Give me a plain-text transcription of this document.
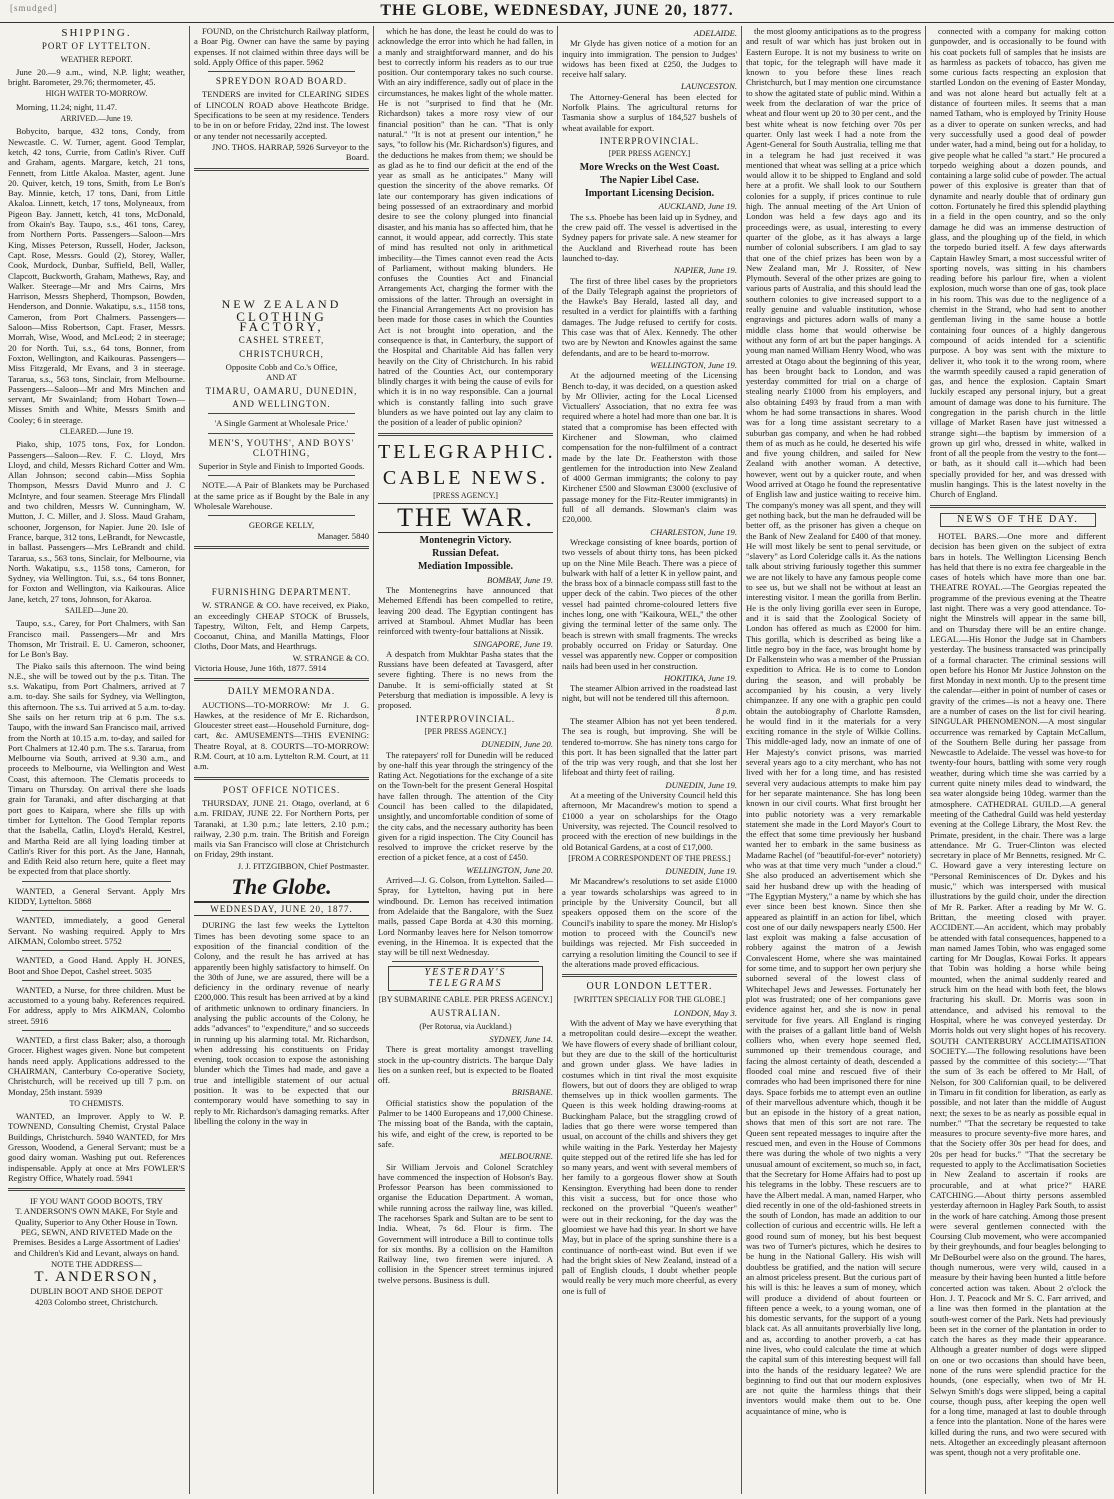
[smudged]	THE GLOBE, WEDNESDAY, JUNE 20, 1877.
SHIPPING.
PORT OF LYTTELTON.
WEATHER REPORT.

June 20.—9 a.m., wind, N.P. light; weather, bright. Barometer, 29.76; thermometer, 45.

HIGH WATER TO-MORROW.

Morning, 11.24; night, 11.47.

ARRIVED.—June 19.

Bobycito, barque, 432 tons, Condy, from Newcastle. C. W. Turner, agent. Good Templar, ketch, 42 tons, Currie, from Catlin's River. Cuff and Graham, agents. Margare, ketch, 21 tons, Fennett, from Little Akaloa. Master, agent. June 20. Quiver, ketch, 19 tons, Smith, from Le Bon's Bay. Minnie, ketch, 17 tons, Dani, from Little Akaloa. Linnett, ketch, 17 tons, Molyneaux, from Pigeon Bay. Jannett, ketch, 41 tons, McDonald, from Okain's Bay. Taupo, s.s., 461 tons, Carey, from Northern Ports. Passengers—Saloon—Mrs King, Misses Peterson, Russell, Hoder, Jackson, Capt. Rose, Messrs. Gould (2), Storey, Waller, Cook, Murdock, Dunbar, Suffield, Bell, Waller, Clapcott, Buckworth, Graham, Mathews, Ray, and Walker. Steerage—Mr and Mrs Cairns, Mrs Harrison, Messrs Shepherd, Thompson, Bowden, Henderson, and Donnie. Wakatipu, s.s., 1158 tons, Cameron, from Port Chalmers. Passengers—Saloon—Miss Robertson, Capt. Fraser, Messrs. Morrah, Wise, Wood, and McLeod; 2 in steerage; 20 for North. Tui, s.s., 64 tons, Bonner, from Foxton, Wellington, and Kaikouras. Passengers—Miss Fitzgerald, Mr Evans, and 3 in steerage. Tararua, s.s., 563 tons, Sinclair, from Melbourne. Passengers—Saloon—Mr and Mrs Minchen and servant, Mr Swainland; from Hobart Town—Misses Smith and White, Messrs Smith and Cooley; 6 in steerage.

CLEARED.—June 19.

Piako, ship, 1075 tons, Fox, for London. Passengers—Saloon—Rev. F. C. Lloyd, Mrs Lloyd, and child, Messrs Richard Cotter and Wm. Allan Johnson; second cabin—Miss Sophia Thompson, Messrs David Munro and J. C McIntyre, and four seamen. Steerage Mrs Flindall and two children, Messrs W. Cunningham, W. Mutton, J. C. Miller, and J. Sloss. Maud Graham, schooner, Jorgenson, for Napier. June 20. Isle of France, barque, 312 tons, LeBrandt, for Newcastle, in ballast. Passengers—Mrs LeBrandt and child. Tararua, s.s., 563 tons, Sinclair, for Melbourne, via North. Wakatipu, s.s., 1158 tons, Cameron, for Sydney, via Wellington. Tui, s.s., 64 tons Bonner, for Foxton and Wellington, via Kaikouras. Alice Jane, ketch, 27 tons, Johnson, for Akaroa.

SAILED—June 20.

Taupo, s.s., Carey, for Port Chalmers, with San Francisco mail. Passengers—Mr and Mrs Thomson, Mr Tristrail. E. U. Cameron, schooner, for Le Bon's Bay.

The Piako sails this afternoon. The wind being N.E., she will be towed out by the p.s. Titan. The s.s. Wakatipu, from Port Chalmers, arrived at 7 a.m. to-day. She sails for Sydney, via Wellington, this afternoon. The s.s. Tui arrived at 5 a.m. to-day. She sails on her return trip at 6 p.m. The s.s. Taupo, with the inward San Francisco mail, arrived from the North at 10.15 a.m. to-day, and sailed for Port Chalmers at 12.40 p.m. The s.s. Tararua, from Melbourne via South, arrived at 9.30 a.m., and proceeds to Melbourne, via Wellington and West Coast, this afternoon. The Clematis proceeds to Timaru on Thursday. On arrival there she loads grain for Taranaki, and after discharging at that port goes to Kaipara, where she fills up with timber for Lyttelton. The Good Templar reports that the Isabella, Catlin, Lloyd's Herald, Kestrel, and Martha Reid are all lying loading timber at Catlin's River for this port. As the Jane, Hannah, and Edith Reid also return here, quite a fleet may be expected from that place shortly.

WANTED, a General Servant. Apply Mrs KIDDY, Lyttelton. 5868

WANTED, immediately, a good General Servant. No washing required. Apply to Mrs AIKMAN, Colombo street. 5752

WANTED, a Good Hand. Apply H. JONES, Boot and Shoe Depot, Cashel street. 5035

WANTED, a Nurse, for three children. Must be accustomed to a young baby. References required. For address, apply to Mrs AIKMAN, Colombo street. 5916

WANTED, a first class Baker; also, a thorough Grocer. Highest wages given. None but competent hands need apply. Applications addressed to the CHAIRMAN, Canterbury Co-operative Society, Christchurch, will be received up till 7 p.m. on Monday, 25th instant. 5939

TO CHEMISTS.

WANTED, an Improver. Apply to W. P. TOWNEND, Consulting Chemist, Crystal Palace Buildings, Christchurch. 5940 WANTED, for Mrs Gresson, Woodend, a General Servant; must be a good dairy woman. Washing put out. References indispensable. Apply at once at Mrs FOWLER'S Registry Office, Whately road. 5941

IF YOU WANT GOOD BOOTS, TRY

T. ANDERSON'S OWN MAKE, For Style and Quality, Superior to Any Other House in Town. PEG, SEWN, AND RIVETED Made on the Premises. Besides a Large Assortment of Ladies' and Children's Kid and Levant, always on hand.

NOTE THE ADDRESS—
T. ANDERSON,
DUBLIN BOOT AND SHOE DEPOT
4203 Colombo street, Christchurch.

FOUND, on the Christchurch Railway platform, a Boar Pig. Owner can have the same by paying expenses. If not claimed within three days will be sold. Apply Office of this paper. 5962

SPREYDON ROAD BOARD.

TENDERS are invited for CLEARING SIDES of LINCOLN ROAD above Heathcote Bridge. Specifications to be seen at my residence. Tenders to be in on or before Friday, 22nd inst. The lowest or any tender not necessarily accepted.

JNO. THOS. HARRAP, 5926 Surveyor to the Board.
NEW ZEALAND
CLOTHING FACTORY,
CASHEL STREET,
CHRISTCHURCH,
Opposite Cobb and Co.'s Office,
AND AT
TIMARU, OAMARU, DUNEDIN,
AND WELLINGTON.
'A Single Garment at Wholesale Price.'
MEN'S, YOUTHS', AND BOYS' CLOTHING,
Superior in Style and Finish to Imported Goods.

NOTE.—A Pair of Blankets may be Purchased at the same price as if Bought by the Bale in any Wholesale Warehouse.

GEORGE KELLY,
Manager. 5840
FURNISHING DEPARTMENT.

W. STRANGE & CO. have received, ex Piako, an exceedingly CHEAP STOCK of Brussels, Tapestry, Wilton, Felt, and Hemp Carpets, Cocoanut, China, and Manilla Mattings, Floor Cloths, Door Mats, and Hearthrugs.

W. STRANGE & CO.
Victoria House, June 16th, 1877. 5914
DAILY MEMORANDA.

AUCTIONS—TO-MORROW: Mr J. G. Hawkes, at the residence of Mr E. Richardson, Gloucester street east—Household Furniture, dog-cart, &c. AMUSEMENTS—THIS EVENING: Theatre Royal, at 8. COURTS—TO-MORROW: R.M. Court, at 10 a.m. Lyttelton R.M. Court, at 11 a.m.

POST OFFICE NOTICES.

THURSDAY, JUNE 21. Otago, overland, at 6 a.m. FRIDAY, JUNE 22. For Northern Ports, per Taranaki, at 1.30 p.m.; late letters, 2.10 p.m.; railway, 2.30 p.m. train. The British and Foreign mails via San Francisco will close at Christchurch on Friday, 29th instant.

J. J. FITZGIBBON, Chief Postmaster.
The Globe.
WEDNESDAY, JUNE 20, 1877.

DURING the last few weeks the Lyttelton Times has been devoting some space to an exposition of the financial condition of the Colony, and the result he has arrived at has apparently been highly satisfactory to himself. On the 30th of June, we are assured, there will be a deficiency in the ordinary revenue of nearly £200,000. This result has been arrived at by a kind of arithmetic unknown to ordinary financiers. In analysing the public accounts of the Colony, he adds "advances" to "expenditure," and so succeeds in running up his alarming total. Mr. Richardson, when addressing his constituents on Friday evening, took occasion to expose the astonishing blunder which the Times had made, and gave a true and intelligible statement of our actual position. It was to be expected that our contemporary would have something to say in reply to Mr. Richardson's damaging remarks. After libelling the colony in the way in

which he has done, the least he could do was to acknowledge the error into which he had fallen, in a manly and straightforward manner, and do his best to correctly inform his readers as to our true position. Our contemporary takes no such course. With an airy indifference, sadly out of place in the circumstances, he makes light of the whole matter. He is not "surprised to find that he (Mr. Richardson) takes a more rosy view of our financial position" than he can. "That is only natural." "It is not at present our intention," he says, "to follow his (Mr. Richardson's) figures, and the deductions he makes from them; we should be as glad as he to find our deficit at the end of the year as small as he anticipates." Many will question the sincerity of the above remarks. Of late our contemporary has given indications of being possessed of an extraordinary and morbid desire to see the colony plunged into financial disaster, and his mania has so affected him, that he cannot, it would appear, add correctly. This state of mind has resulted not only in arithmetical imbecility—the Times cannot even read the Acts of Parliament, without making blunders. He confuses the Counties Act and Financial Arrangements Act, charging the former with the omissions of the latter. Through an oversight in the Financial Arrangements Act no provision has been made for those cases in which the Counties Act is not brought into operation, and the consequence is that, in Canterbury, the support of the Hospital and Charitable Aid has fallen very heavily on the City of Christchurch. In his rabid hatred of the Counties Act, our contemporary blindly charges it with being the cause of evils for which it is in no way responsible. Can a journal which is constantly falling into such grave blunders as we have pointed out lay any claim to the position of a leader of public opinion?

TELEGRAPHIC.
CABLE NEWS.
[PRESS AGENCY.]
THE WAR.
Montenegrin Victory.
Russian Defeat.
Mediation Impossible.
BOMBAY, June 19.

The Montenegrins have announced that Mehemed Effendi has been compelled to retire, leaving 200 dead. The Egyptian contingent has arrived at Stamboul. Ahmet Mudlar has been reinforced with twenty-four battalions at Nissik.

SINGAPORE, June 19.

A despatch from Mukhtar Pasha states that the Russians have been defeated at Tavasgerd, after severe fighting. There is no news from the Danube. It is semi-officially stated at St Petersburg that mediation is impossible. A levy is proposed.

INTERPROVINCIAL.
[PER PRESS AGENCY.]
DUNEDIN, June 20.

The ratepayers' roll for Dunedin will be reduced by one-half this year through the stringency of the Rating Act. Negotiations for the exchange of a site on the Town-belt for the present General Hospital have fallen through. The attention of the City Council has been called to the dilapidated, unsightly, and uncomfortable condition of some of the city cabs, and the necessary authority has been given for a rigid inspection. The City Council has resolved to improve the cricket reserve by the erection of a picket fence, at a cost of £450.

WELLINGTON, June 20.

Arrived—J. G. Colson, from Lyttelton. Sailed—Spray, for Lyttelton, having put in here windbound. Dr. Lemon has received intimation from Adelaide that the Bangalore, with the Suez mails, passed Cape Borda at 4.30 this morning. Lord Normanby leaves here for Nelson tomorrow evening, in the Hinemoa. It is expected that the stay will be till next Wednesday.

YESTERDAY'S TELEGRAMS
[BY SUBMARINE CABLE. PER PRESS AGENCY.]
AUSTRALIAN.
(Per Rotorua, via Auckland.)
SYDNEY, June 14.

There is great mortality amongst travelling stock in the up-country districts. The barque Daly lies on a sunken reef, but is expected to be floated off.

BRISBANE.

Official statistics show the population of the Palmer to be 1400 Europeans and 17,000 Chinese. The missing boat of the Banda, with the captain, his wife, and eight of the crew, is reported to be safe.

MELBOURNE.

Sir William Jervois and Colonel Scratchley have commenced the inspection of Hobson's Bay. Professor Pearson has been commissioned to organise the Education Department. A woman, while running across the railway line, was killed. The racehorses Spark and Sultan are to be sent to India. Wheat, 7s 6d. Flour is firm. The Government will introduce a Bill to continue tolls for six months. By a collision on the Hamilton Railway line, two firemen were injured. A collision in the Spencer street terminus injured twelve persons. Business is dull.

ADELAIDE.

Mr Glyde has given notice of a motion for an inquiry into immigration. The pension to Judges' widows has been fixed at £250, the Judges to receive half salary.

LAUNCESTON.

The Attorney-General has been elected for Norfolk Plains. The agricultural returns for Tasmania show a surplus of 184,527 bushels of wheat available for export.

INTERPROVINCIAL.
[PER PRESS AGENCY.]
More Wrecks on the West Coast.
The Napier Libel Case.
Important Licensing Decision.
AUCKLAND, June 19.

The s.s. Phoebe has been laid up in Sydney, and the crew paid off. The vessel is advertised in the Sydney papers for private sale. A new steamer for the Auckland and Riverhead route has been launched to-day.

NAPIER, June 19.

The first of three libel cases by the proprietors of the Daily Telegraph against the proprietors of the Hawke's Bay Herald, lasted all day, and resulted in a verdict for plaintiffs with a farthing damages. The Judge refused to certify for costs. This case was that of Alex. Kennedy. The other two are by Newton and Knowles against the same defendants, and are to be heard to-morrow.

WELLINGTON, June 19.

At the adjourned meeting of the Licensing Bench to-day, it was decided, on a question asked by Mr Ollivier, acting for the Local Licensed Victuallers' Association, that no extra fee was required where a hotel had more than one bar. It is stated that a compromise has been effected with Kirchener and Slowman, who claimed compensation for the non-fulfilment of a contract made by the late Dr. Featherston with those gentlemen for the introduction into New Zealand of 4000 German immigrants; the colony to pay Kirchener £500 and Slowman £3000 (exclusive of passage money for the Fitz-Reuter immigrants) in full of all demands. Slowman's claim was £20,000.

CHARLESTON, June 19.

Wreckage consisting of knee boards, portion of two vessels of about thirty tons, has been picked up on the Nine Mile Beach. There was a piece of bulwark with half of a letter K in yellow paint, and the brass box of a binnacle compass still fast to the upper deck of the cabin. Two pieces of the other vessel had painted chrome-coloured letters five inches long, one with "Kaikoura, WEL," the other giving the terminal letter of the same only. The beach is strewn with small fragments. The wrecks probably occurred on Friday or Saturday. One vessel was apparently new. Copper or composition nails had been used in her construction.

HOKITIKA, June 19.

The steamer Albion arrived in the roadstead last night, but will not be tendered till this afternoon.

8 p.m.

The steamer Albion has not yet been tendered. The sea is rough, but improving. She will be tendered to-morrow. She has ninety tons cargo for this port. It has been signalled that the latter part of the trip was very rough, and that she lost her lifeboat and thirty feet of railing.

DUNEDIN, June 19.

At a meeting of the University Council held this afternoon, Mr Macandrew's motion to spend a £1000 a year on scholarships for the Otago University, was rejected. The Council resolved to proceed with the erection of new buildings in the old Botanical Gardens, at a cost of £17,000.

[FROM A CORRESPONDENT OF THE PRESS.]
DUNEDIN, June 19.

Mr Macandrew's resolutions to set aside £1000 a year towards scholarships was agreed to in principle by the University Council, but all speakers opposed them on the score of the Council's inability to spare the money. Mr Hislop's motion to proceed with the Council's new buildings was rejected. Mr Fish succeeded in carrying a resolution limiting the Council to see if the alterations made proved efficacious.

OUR LONDON LETTER.
[WRITTEN SPECIALLY FOR THE GLOBE.]
LONDON, May 3.

With the advent of May we have everything that a metropolitan could desire—except the weather. We have flowers of every shade of brilliant colour, but they are due to the skill of the horticulturist and grown under glass. We have ladies in costumes which in tint rival the most exquisite flowers, but out of doors they are obliged to wrap themselves up in thick woollen garments. The Queen is this week holding drawing-rooms at Buckingham Palace, but the straggling crowd of ladies that go there were worse tempered than usual, on account of the chills and shivers they get while waiting in the Park. Yesterday her Majesty quite stepped out of the retired life she has led for so many years, and went with several members of her family to a gorgeous flower show at South Kensington. Everything had been done to render this visit a success, but for once those who reckoned on the proverbial "Queen's weather" were out in their reckoning, for the day was the gloomiest we have had this year. In short we have May, but in place of the spring sunshine there is a continuance of north-east wind. But even if we had the bright skies of New Zealand, instead of a pall of English clouds, I doubt whether people would really be very much more cheerful, as every one is full of

the most gloomy anticipations as to the progress and result of war which has just broken out in Eastern Europe. It is not my business to write on that topic, for the telegraph will have made it known to you before these lines reach Christchurch, but I may mention one circumstance to show the agitated state of public mind. Within a week from the declaration of war the price of wheat and flour went up 20 to 30 per cent., and the best white wheat is now fetching over 70s per quarter. Only last week I had a note from the Agent-General for South Australia, telling me that in a telegram he had just received it was mentioned that wheat was selling at a price which would allow it to be shipped to England and sold here at a profit. We shall look to our Southern colonies for a supply, if prices continue to rule high. The annual meeting of the Art Union of London was held a few days ago and its proceedings were, as usual, interesting to every quarter of the globe, as it has always a large number of colonial subscribers. I am glad to say that one of the chief prizes has been won by a New Zealand man, Mr J. Rossiter, of New Plymouth. Several of the other prizes are going to various parts of Australia, and this should lead the southern colonies to give increased support to a really genuine and valuable institution, whose engravings and pictures adorn walls of many a middle class home that would otherwise be without any form of art but the paper hangings. A young man named William Henry Wood, who was arrested at Otago about the beginning of this year, has been brought back to London, and was yesterday committed for trial on a charge of stealing nearly £1000 from his employers, and also obtaining £493 by fraud from a man with whom he had some transactions in shares. Wood was for a long time assistant secretary to a suburban gas company, and when he had robbed them of as much as he could, he deserted his wife and five young children, and sailed for New Zealand with another woman. A detective, however, went out by a quicker route, and when Wood arrived at Otago he found the representative of English law and justice waiting to receive him. The company's money was all spent, and they will get nothing back, but the man he defrauded will be better off, as the prisoner has given a cheque on the Bank of New Zealand for £400 of that money. He will most likely be sent to penal servitude, or "slavery" as Lord Coleridge calls it. As the nations talk about striving furiously together this summer we are not likely to have any famous people come to see us, but we shall not be without at least an interesting visitor. I mean the gorilla from Berlin. He is the only living gorilla ever seen in Europe, and it is said that the Zoological Society of London has offered as much as £2000 for him. This gorilla, which is described as being like a little negro boy in the face, was brought home by Dr Falkenstein who was a member of the Prussian expedition to Africa. He is to come to London during the season, and will probably be accompanied by his cousin, a very lively chimpanzee. If any one with a graphic pen could obtain the autobiography of Charlotte Ramsden, he would find in it the materials for a very exciting romance in the style of Wilkie Collins. This middle-aged lady, now an inmate of one of Her Majesty's convict prisons, was married several years ago to a city merchant, who has not lived with her for a long time, and has resisted several very audacious attempts to make him pay for her separate maintenance. She has long been known in our civil courts. What first brought her into public notoriety was a very remarkable statement she made in the Lord Mayor's Court to the effect that some time previously her husband wanted her to embark in the same business as Madame Rachel (of "beautiful-for-ever" notoriety) who was at that time very much "under a cloud." She also produced an advertisement which she said her husband drew up with the heading of "The Egyptian Mystery," a name by which she has ever since been best known. Since then she appeared as plaintiff in an action for libel, which cost one of our daily newspapers nearly £500. Her last exploit was making a false accusation of robbery against the matron of a Jewish Convalescent Home, where she was maintained for some time, and to support her own perjury she suborned several of the lowest class of Whitechapel Jews and Jewesses. Fortunately her plot was frustrated; one of her companions gave evidence against her, and she is now in penal servitude for five years. All England is ringing with the praises of a gallant little band of Welsh colliers who, when every hope seemed fled, summoned up their tremendous courage, and facing the almost certainty of death, descended a flooded coal mine and rescued five of their comrades who had been imprisoned there for nine days. Space forbids me to attempt even an outline of their marvellous adventure which, though it be but an episode in the history of a great nation, shows that men of this sort are not rare. The Queen sent repeated messages to inquire after the rescued men, and even in the House of Commons there was during the whole of two nights a very unusual amount of excitement, so much so, in fact, that the Secretary for Home Affairs had to post up his telegrams in the lobby. These rescuers are to have the Albert medal. A man, named Harper, who died recently in one of the old-fashioned streets in the south of London, has made an addition to our collection of curious and eccentric wills. He left a good round sum of money, but his best bequest was two of Turner's pictures, which he desires to be hung in the National Gallery. His wish will doubtless be gratified, and the nation will secure an almost priceless present. But the curious part of his will is this: he leaves a sum of money, which will produce a dividend of about fourteen or fifteen pence a week, to a young woman, one of his domestic servants, for the support of a young black cat. As all annuitants proverbially live long, and as, according to another proverb, a cat has nine lives, who could calculate the time at which the capital sum of this interesting bequest will fall into the hands of the residuary legatee? We are beginning to find out that our modern explosives are not quite the harmless things that their inventors would make them out to be. One acquaintance of mine, who is

connected with a company for making cotton gunpowder, and is occasionally to be found with his coat pockets full of samples that he insists are as harmless as packets of tobacco, has given me some curious facts respecting an explosion that startled London on the evening of Easter Monday, and was not alone heard but actually felt at a distance of fourteen miles. It seems that a man named Tatham, who is employed by Trinity House as a diver to operate on sunken wrecks, and had very successfully used a good deal of powder under water, had a mind, being out for a holiday, to give people what he called "a start." He procured a torpedo weighing about a dozen pounds, and containing a large solid cube of powder. The actual power of this explosive is greater than that of dynamite and nearly double that of ordinary gun cotton. Fortunately he fired this splendid plaything in a field in the open country, and so the only damage he did was an immense destruction of glass, and the ploughing up of the field, in which the torpedo buried itself. A few days afterwards Captain Hawley Smart, a most successful writer of sporting novels, was sitting in his chambers reading before his parlour fire, when a violent explosion, much worse than one of gas, took place in his room. This was due to the negligence of a chemist in the Strand, who had sent to another gentleman living in the same house a bottle containing four ounces of a highly dangerous compound of acids intended for a scientific purpose. A boy was sent with the mixture to deliver it, who took it to the wrong room, where the warmth speedily caused a rapid generation of gas, and hence the explosion. Captain Smart luckily escaped any personal injury, but a great amount of damage was done to his furniture. The congregation in the parish church in the little village of Market Rasen have just witnessed a strange sight—the baptism by immersion of a grown up girl who, dressed in white, walked in front of all the people from the vestry to the font—or bath, as it should call it—which had been specially provided for her, and was dressed with muslin hangings. This is the latest novelty in the Church of England.

NEWS OF THE DAY.

HOTEL BARS.—One more and different decision has been given on the subject of extra bars in hotels. The Wellington Licensing Bench has held that there is no extra fee chargeable in the cases of hotels which have more than one bar. THEATRE ROYAL.—The Georgias repeated the programme of the previous evening at the Theatre last night. There was a very good attendance. To-night the Minstrels will appear in the same bill, and on Thursday there will be an entire change. LEGAL.—His Honor the Judge sat in Chambers yesterday. The business transacted was principally of a formal character. The criminal sessions will open before his Honor Mr Justice Johnston on the first Monday in next month. Up to the present time the calendar—either in point of number of cases or gravity of the crimes—is not a heavy one. There are a number of cases on the list for civil hearing. SINGULAR PHENOMENON.—A most singular occurrence was remarked by Captain McCallum, of the Southern Belle during her passage from Newcastle to Adelaide. The vessel was hove-to for twenty-four hours, battling with some very rough weather, during which time she was carried by a current quite ninety miles dead to windward, the sea water alongside being 10deg. warmer than the atmosphere. CATHEDRAL GUILD.—A general meeting of the Cathedral Guild was held yesterday evening at the College Library, the Most Rev. the Primate, president, in the chair. There was a large attendance. Mr G. Truer-Clinton was elected secretary in place of Mr Bennetts, resigned. Mr C. C. Howard gave a very interesting lecture on "Personal Reminiscences of Dr. Dykes and his music," which was interspersed with musical illustrations by the guild choir, under the direction of Mr R. Parker. After a reading by Mr W. G. Brittan, the meeting closed with prayer. ACCIDENT.—An accident, which may probably be attended with fatal consequences, happened to a man named James Tobin, who was engaged some carting for Mr Douglas, Kowai Forks. It appears that Tobin was holding a horse while being mounted, when the animal suddenly reared and struck him on the head with both feet, the blows fracturing his skull. Dr. Morris was soon in attendance, and advised his removal to the Hospital, where he was conveyed yesterday. Dr Morris holds out very slight hopes of his recovery. SOUTH CANTERBURY ACCLIMATISATION SOCIETY.—The following resolutions have been passed by the committee of this society:—"That the sum of 3s each be offered to Mr Hall, of Nelson, for 300 Californian quail, to be delivered in Timaru in fit condition for liberation, as early as possible, and not later than the middle of August next; the sexes to be as nearly as possible equal in number." "That the secretary be requested to take measures to procure seventy-five more hares, and that the Society offer 30s per head for does, and 20s per head for bucks." "That the secretary be requested to apply to the Acclimatisation Societies in New Zealand to ascertain if rooks are procurable, and at what price?" HARE CATCHING.—About thirty persons assembled yesterday afternoon in Hagley Park South, to assist in the work of hare catching. Among those present were several gentlemen connected with the Coursing Club movement, who were accompanied by their greyhounds, and four beagles belonging to Mr DeBourbel were also on the ground. The hares, though numerous, were very wild, caused in a measure by their having been hunted a little before concerted action was taken. About 2 o'clock the Hon. J. T. Peacock and Mr S. C. Farr arrived, and a line was then formed in the plantation at the south-west corner of the Park. Nets had previously been set in the corner of the plantation in order to catch the hares as they made their appearance. Although a greater number of dogs were slipped on one or two occasions than should have been, none of the runs were splendid practice for the hounds, (one especially, when two of Mr H. Selwyn Smith's dogs were slipped, being a capital course, though puss, after keeping the open well for a long time, managed at last to double through a fence into the plantation. None of the hares were killed during the runs, and two were secured with nets. Altogether an exceedingly pleasant afternoon was spent, though not a very profitable one.
